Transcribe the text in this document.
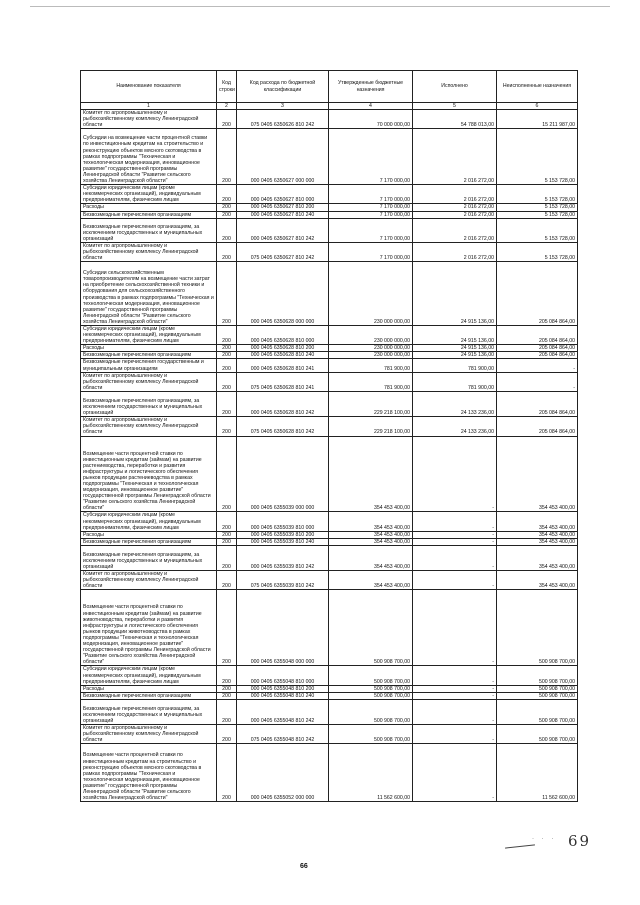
Наименование показателя	Код строки	Код расхода по бюджетной классификации	Утвержденные бюджетные назначения	Исполнено	Неисполненные назначения
1	2	3	4	5	6
Комитет по агропромышленному и рыбохозяйственному комплексу Ленинградской области	200	075 0405 6350626 810 242	70 000 000,00	54 788 013,00	15 211 987,00
Субсидии на возмещение части процентной ставки по инвестиционным кредитам на строительство и реконструкцию объектов мясного скотоводства в рамках подпрограммы "Техническая и технологическая модернизация, инновационное развитие" государственной программы Ленинградской области "Развитие сельского хозяйства Ленинградской области"	200	000 0405 6350627 000 000	7 170 000,00	2 016 272,00	5 153 728,00
Субсидии юридическим лицам (кроме некоммерческих организаций), индивидуальным предпринимателям, физическим лицам	200	000 0405 6350627 810 000	7 170 000,00	2 016 272,00	5 153 728,00
Расходы	200	000 0405 6350627 810 200	7 170 000,00	2 016 272,00	5 153 728,00
Безвозмездные перечисления организациям	200	000 0405 6350627 810 240	7 170 000,00	2 016 272,00	5 153 728,00
Безвозмездные перечисления организациям, за исключением государственных и муниципальных организаций	200	000 0405 6350627 810 242	7 170 000,00	2 016 272,00	5 153 728,00
Комитет по агропромышленному и рыбохозяйственному комплексу Ленинградской области	200	075 0405 6350627 810 242	7 170 000,00	2 016 272,00	5 153 728,00
Субсидии сельскохозяйственным товаропроизводителям на возмещение части затрат на приобретение сельскохозяйственной техники и оборудования для сельскохозяйственного производства в рамках подпрограммы "Техническая и технологическая модернизация, инновационное развитие" государственной программы Ленинградской области "Развитие сельского хозяйства Ленинградской области"	200	000 0405 6350628 000 000	230 000 000,00	24 915 136,00	205 084 864,00
Субсидии юридическим лицам (кроме некоммерческих организаций), индивидуальным предпринимателям, физическим лицам	200	000 0405 6350628 810 000	230 000 000,00	24 915 136,00	205 084 864,00
Расходы	200	000 0405 6350628 810 200	230 000 000,00	24 915 136,00	205 084 864,00
Безвозмездные перечисления организациям	200	000 0405 6350628 810 240	230 000 000,00	24 915 136,00	205 084 864,00
Безвозмездные перечисления государственным и муниципальным организациям	200	000 0405 6350628 810 241	781 900,00	781 900,00	-
Комитет по агропромышленному и рыбохозяйственному комплексу Ленинградской области	200	075 0405 6350628 810 241	781 900,00	781 900,00	-
Безвозмездные перечисления организациям, за исключением государственных и муниципальных организаций	200	000 0405 6350628 810 242	229 218 100,00	24 133 236,00	205 084 864,00
Комитет по агропромышленному и рыбохозяйственному комплексу Ленинградской области	200	075 0405 6350628 810 242	229 218 100,00	24 133 236,00	205 084 864,00
Возмещение части процентной ставки по инвестиционным кредитам (займам) на развитие растениеводства, переработки и развития инфраструктуры и логистического обеспечения рынков продукции растениеводства в рамках подпрограммы "Техническая и технологическая модернизация, инновационное развитие" государственной программы Ленинградской области "Развитие сельского хозяйства Ленинградской области"	200	000 0405 6355039 000 000	354 453 400,00	-	354 453 400,00
Субсидии юридическим лицам (кроме некоммерческих организаций), индивидуальным предпринимателям, физическим лицам	200	000 0405 6355039 810 000	354 453 400,00	-	354 453 400,00
Расходы	200	000 0405 6355039 810 200	354 453 400,00	-	354 453 400,00
Безвозмездные перечисления организациям	200	000 0405 6355039 810 240	354 453 400,00	-	354 453 400,00
Безвозмездные перечисления организациям, за исключением государственных и муниципальных организаций	200	000 0405 6355039 810 242	354 453 400,00	-	354 453 400,00
Комитет по агропромышленному и рыбохозяйственному комплексу Ленинградской области	200	075 0405 6355039 810 242	354 453 400,00	-	354 453 400,00
Возмещение части процентной ставки по инвестиционным кредитам (займам) на развитие животноводства, переработки и развития инфраструктуры и логистического обеспечения рынков продукции животноводства в рамках подпрограммы "Техническая и технологическая модернизация, инновационное развитие" государственной программы Ленинградской области "Развитие сельского хозяйства Ленинградской области"	200	000 0405 6355048 000 000	500 908 700,00	-	500 908 700,00
Субсидии юридическим лицам (кроме некоммерческих организаций), индивидуальным предпринимателям, физическим лицам	200	000 0405 6355048 810 000	500 908 700,00	-	500 908 700,00
Расходы	200	000 0405 6355048 810 200	500 908 700,00	-	500 908 700,00
Безвозмездные перечисления организациям	200	000 0405 6355048 810 240	500 908 700,00	-	500 908 700,00
Безвозмездные перечисления организациям, за исключением государственных и муниципальных организаций	200	000 0405 6355048 810 242	500 908 700,00	-	500 908 700,00
Комитет по агропромышленному и рыбохозяйственному комплексу Ленинградской области	200	075 0405 6355048 810 242	500 908 700,00	-	500 908 700,00
Возмещение части процентной ставки по инвестиционным кредитам на строительство и реконструкцию объектов мясного скотоводства в рамках подпрограммы "Техническая и технологическая модернизация, инновационное развитие" государственной программы Ленинградской области "Развитие сельского хозяйства Ленинградской области"	200	000 0405 6355052 000 000	11 562 600,00	-	11 562 600,00
· · · 69
66
